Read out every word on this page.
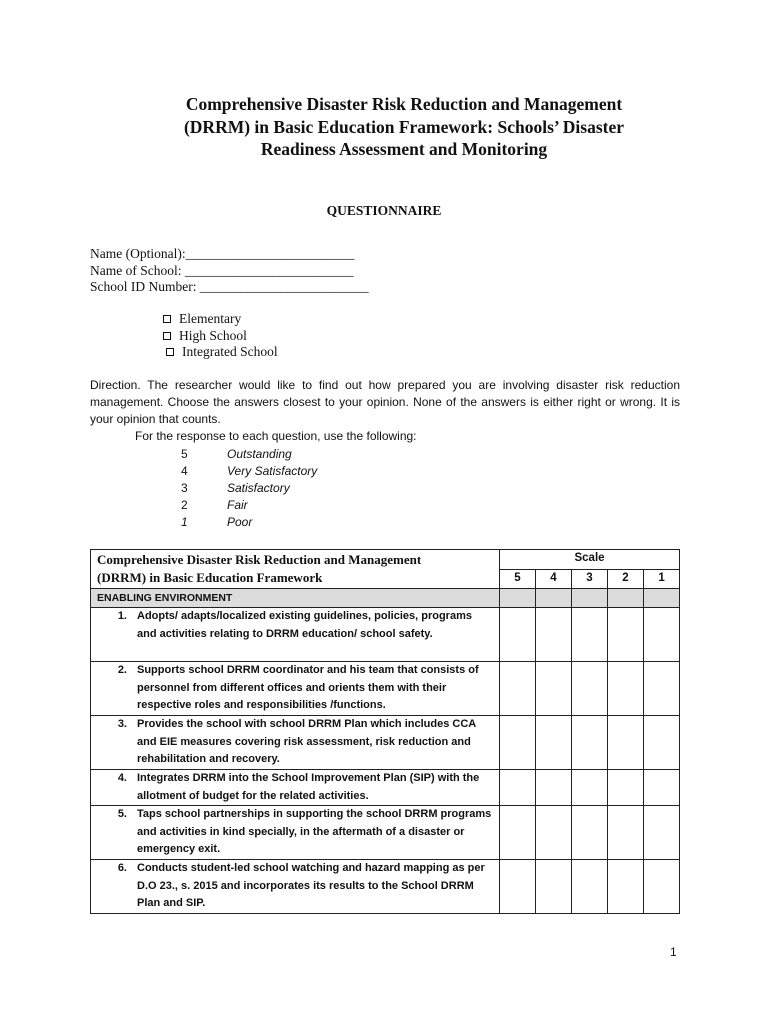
Comprehensive Disaster Risk Reduction and Management
(DRRM) in Basic Education Framework: Schools’ Disaster
Readiness Assessment and Monitoring
QUESTIONNAIRE
Name (Optional):_________________________
Name of School: _________________________
School ID Number: _________________________
Elementary
High School
Integrated School
Direction. The researcher would like to find out how prepared you are involving disaster risk reduction management. Choose the answers closest to your opinion. None of the answers is either right or wrong. It is your opinion that counts.
For the response to each question, use the following:
5	Outstanding
4	Very Satisfactory
3	Satisfactory
2	Fair
1	Poor
Comprehensive Disaster Risk Reduction and Management
(DRRM) in Basic Education Framework	Scale				
	5	4	3	2	1
ENABLING ENVIRONMENT					

1. Adopts/ adapts/localized existing guidelines, policies, programs and activities relating to DRRM education/ school safety.					

2. Supports school DRRM coordinator and his team that consists of personnel from different offices and orients them with their respective roles and responsibilities /functions.					

3. Provides the school with school DRRM Plan which includes CCA and EIE measures covering risk assessment, risk reduction and rehabilitation and recovery.					

4. Integrates DRRM into the School Improvement Plan (SIP) with the allotment of budget for the related activities.					

5. Taps school partnerships in supporting the school DRRM programs and activities in kind specially, in the aftermath of a disaster or emergency exit.					

6. Conducts student-led school watching and hazard mapping as per D.O 23., s. 2015 and incorporates its results to the School DRRM Plan and SIP.					

1
